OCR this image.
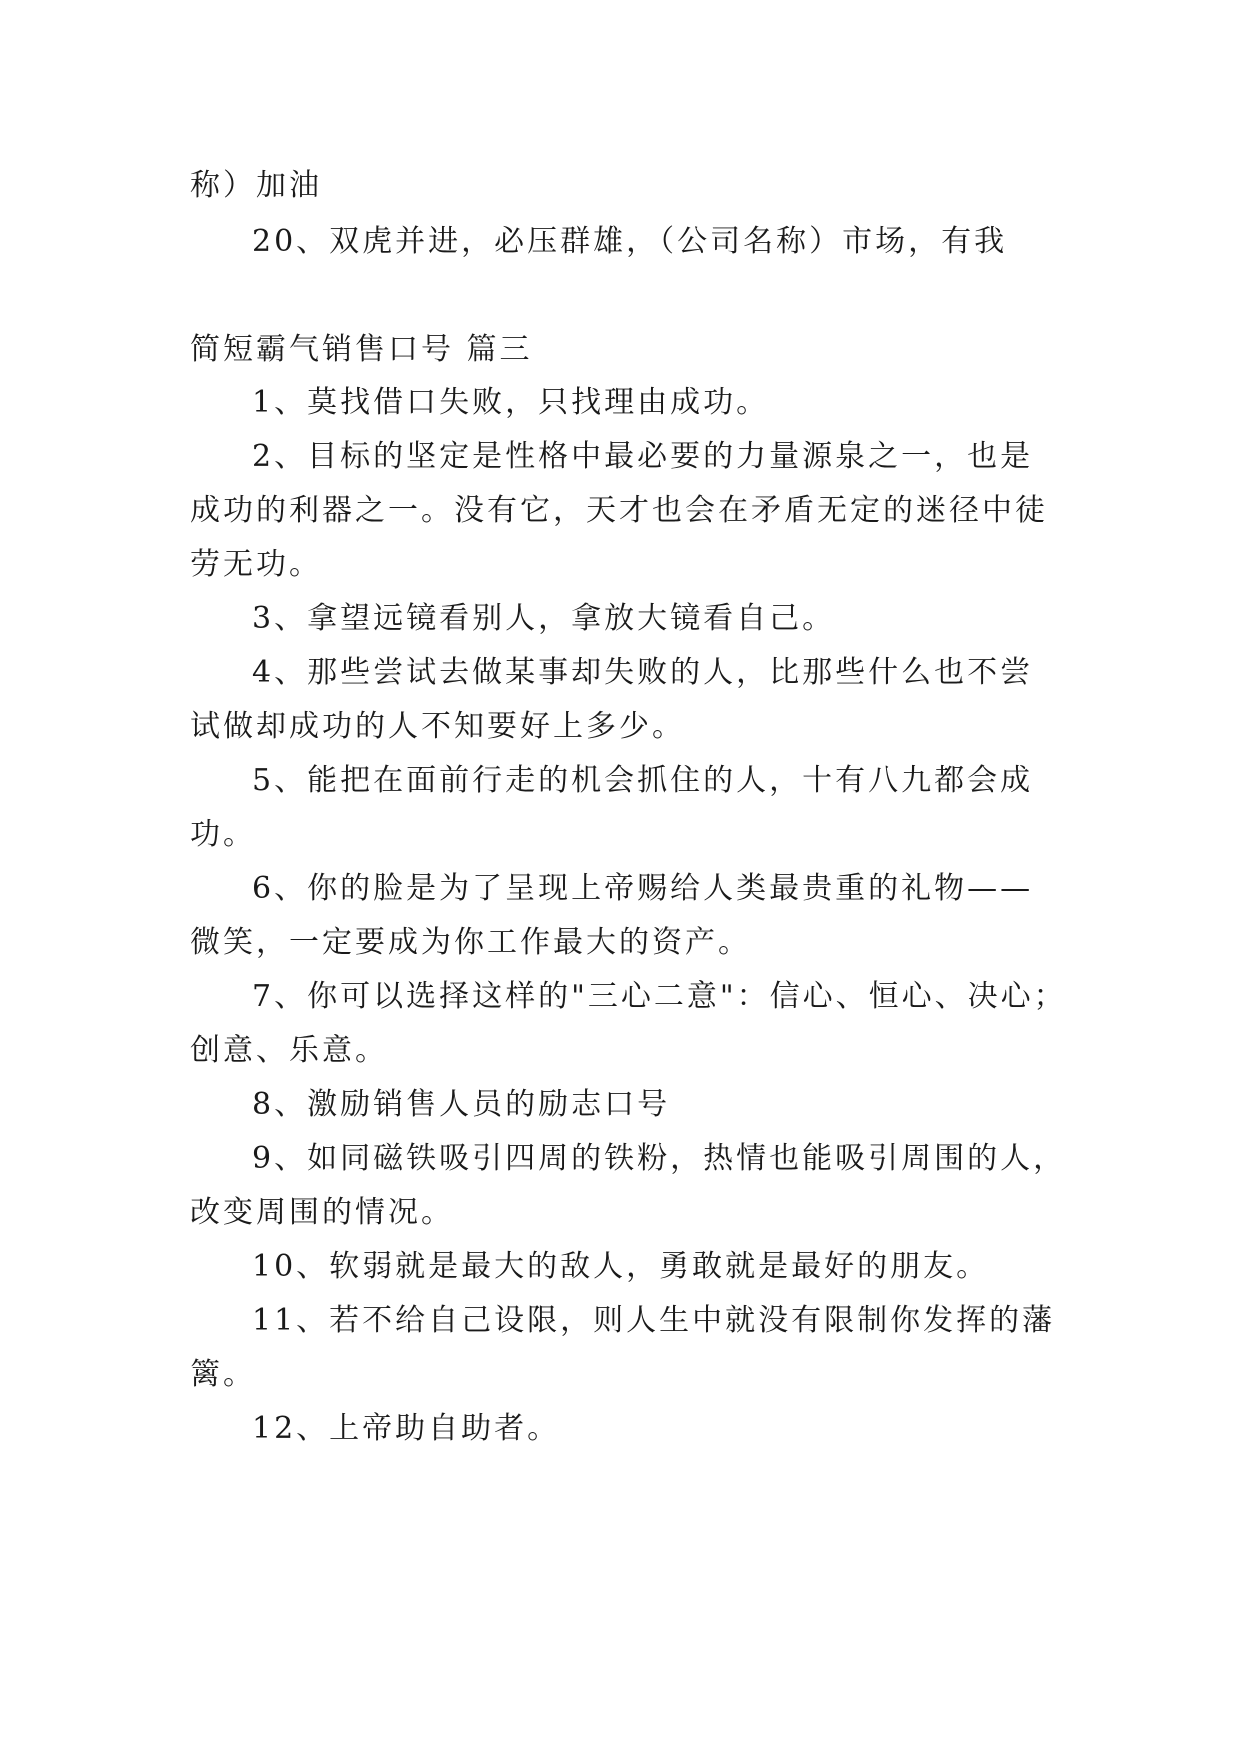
称）加油

20、双虎并进，必压群雄，（公司名称）市场，有我

简短霸气销售口号 篇三

1、莫找借口失败，只找理由成功。

2、目标的坚定是性格中最必要的力量源泉之一，也是

成功的利器之一。没有它，天才也会在矛盾无定的迷径中徒

劳无功。

3、拿望远镜看别人，拿放大镜看自己。

4、那些尝试去做某事却失败的人，比那些什么也不尝

试做却成功的人不知要好上多少。

5、能把在面前行走的机会抓住的人，十有八九都会成

功。

6、你的脸是为了呈现上帝赐给人类最贵重的礼物——

微笑，一定要成为你工作最大的资产。

7、你可以选择这样的"三心二意"：信心、恒心、决心；

创意、乐意。

8、激励销售人员的励志口号

9、如同磁铁吸引四周的铁粉，热情也能吸引周围的人，

改变周围的情况。

10、软弱就是最大的敌人，勇敢就是最好的朋友。

11、若不给自己设限，则人生中就没有限制你发挥的藩

篱。

12、上帝助自助者。
